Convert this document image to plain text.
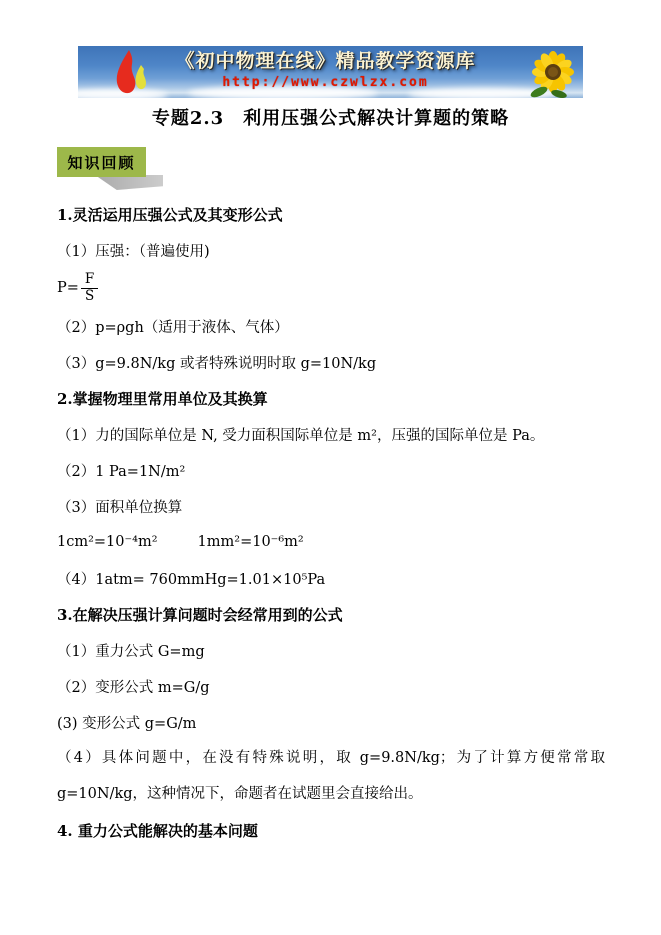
《初中物理在线》精品教学资源库
http://www.czwlzx.com
专题2.3　利用压强公式解决计算题的策略
知识回顾
1.灵活运用压强公式及其变形公式
（1）压强：（普遍使用)
$P= \frac{F}{S}$
（2）p=ρgh（适用于液体、气体）
（3）g=9.8N/kg 或者特殊说明时取 g=10N/kg
2.掌握物理里常用单位及其换算
（1）力的国际单位是 N, 受力面积国际单位是 m²，压强的国际单位是 Pa。
（2）1 Pa=1N/m²
（3）面积单位换算
1cm²=10⁻⁴m²	1mm²=10⁻⁶m²
（4）1atm= 760mmHg=1.01×10⁵Pa
3.在解决压强计算问题时会经常用到的公式
（1）重力公式 G=mg
（2）变形公式 m=G/g
(3) 变形公式 g=G/m
（4）具体问题中，在没有特殊说明，取 g=9.8N/kg；为了计算方便常常取 g=10N/kg，这种情况下，命题者在试题里会直接给出。
4. 重力公式能解决的基本问题
